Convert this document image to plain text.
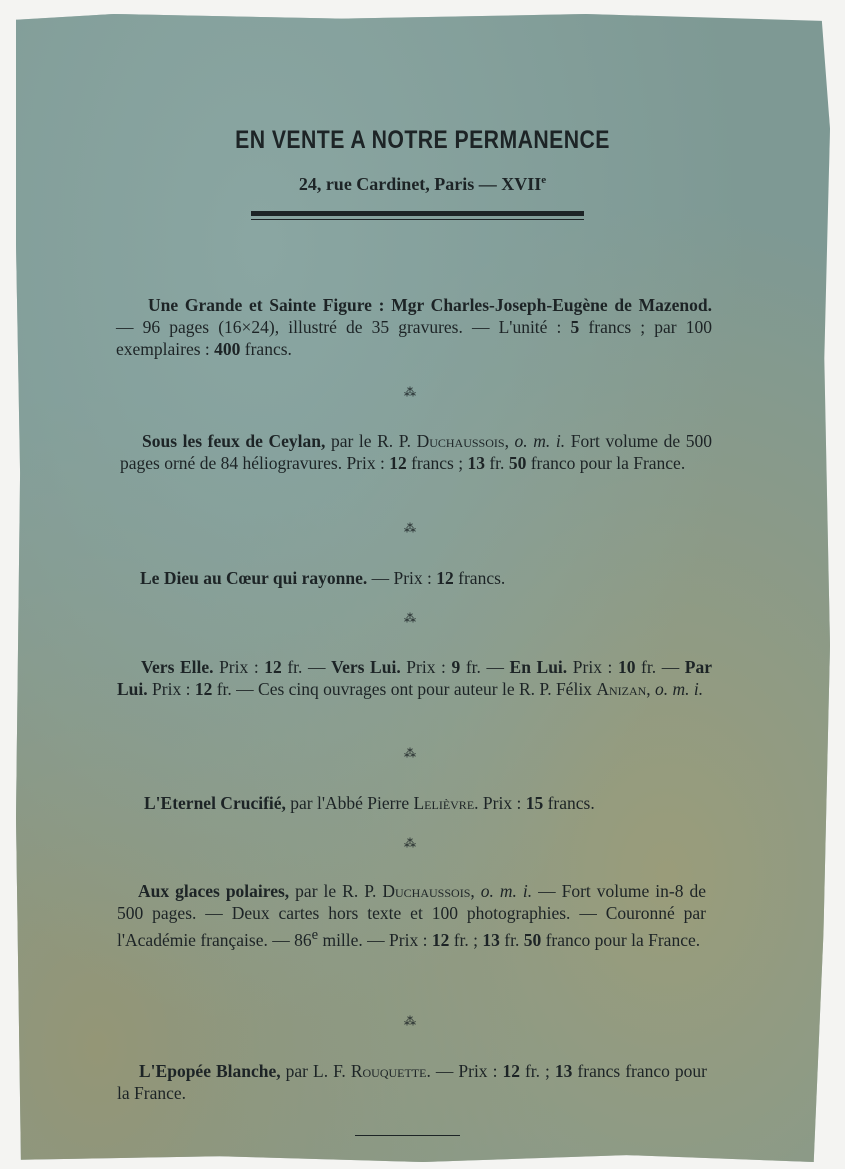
EN VENTE A NOTRE PERMANENCE
24, rue Cardinet, Paris — XVIIe

Une Grande et Sainte Figure : Mgr Charles-Joseph-Eugène de Mazenod. — 96 pages (16×24), illustré de 35 gravures. — L'unité : 5 francs ; par 100 exemplaires : 400 francs.

⁂

Sous les feux de Ceylan, par le R. P. Duchaussois, o. m. i. Fort volume de 500 pages orné de 84 héliogravures. Prix : 12 francs ; 13 fr. 50 franco pour la France.

⁂

Le Dieu au Cœur qui rayonne. — Prix : 12 francs.

⁂

Vers Elle. Prix : 12 fr. — Vers Lui. Prix : 9 fr. — En Lui. Prix : 10 fr. — Par Lui. Prix : 12 fr. — Ces cinq ouvrages ont pour auteur le R. P. Félix Anizan, o. m. i.

⁂

L'Eternel Crucifié, par l'Abbé Pierre Lelièvre. Prix : 15 francs.

⁂

Aux glaces polaires, par le R. P. Duchaussois, o. m. i. — Fort volume in-8 de 500 pages. — Deux cartes hors texte et 100 photographies. — Couronné par l'Académie française. — 86e mille. — Prix : 12 fr. ; 13 fr. 50 franco pour la France.

⁂

L'Epopée Blanche, par L. F. Rouquette. — Prix : 12 fr. ; 13 francs franco pour la France.
